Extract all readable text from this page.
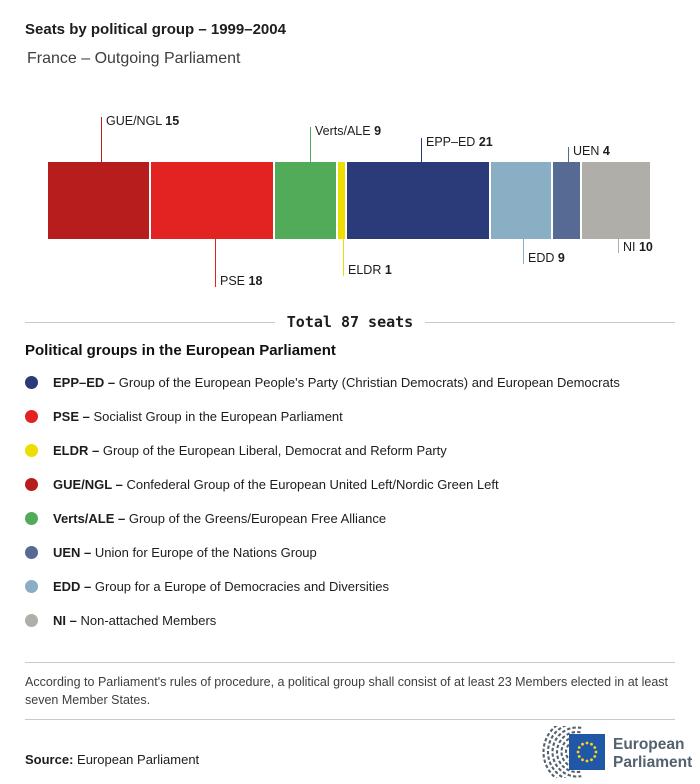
Seats by political group – 1999–2004
France – Outgoing Parliament
GUE/NGL 15
PSE 18
Verts/ALE 9
ELDR 1
EPP–ED 21
EDD 9
UEN 4
NI 10
Total 87 seats
Political groups in the European Parliament
EPP–ED – Group of the European People's Party (Christian Democrats) and European Democrats
PSE – Socialist Group in the European Parliament
ELDR – Group of the European Liberal, Democrat and Reform Party
GUE/NGL – Confederal Group of the European United Left/Nordic Green Left
Verts/ALE – Group of the Greens/European Free Alliance
UEN – Union for Europe of the Nations Group
EDD – Group for a Europe of Democracies and Diversities
NI – Non-attached Members
According to Parliament's rules of procedure, a political group shall consist of at least 23 Members elected in at least seven Member States.
Source: European Parliament
European
Parliament
